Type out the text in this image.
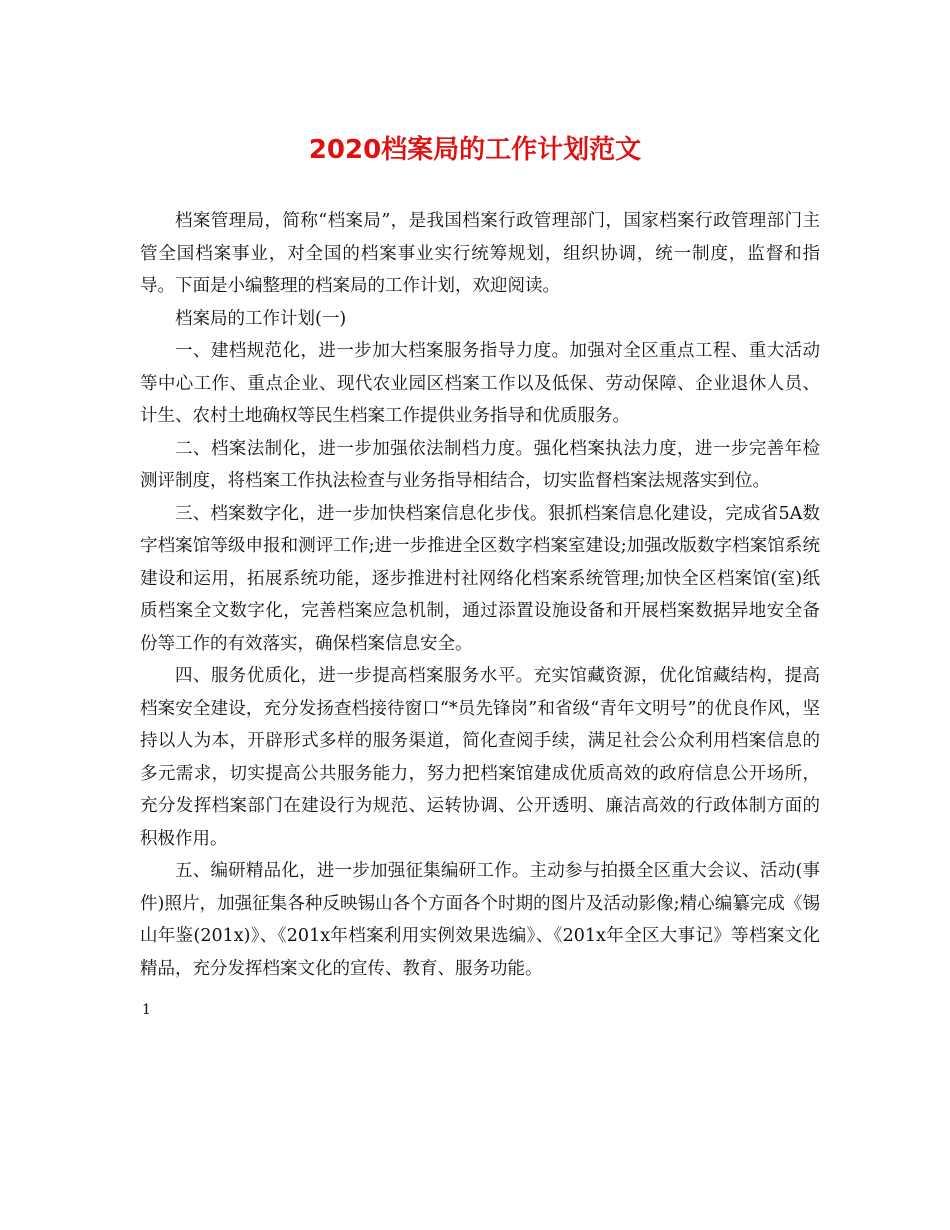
2020档案局的工作计划范文

档案管理局，简称“档案局”，是我国档案行政管理部门，国家档案行政管理部门主管全国档案事业，对全国的档案事业实行统筹规划，组织协调，统一制度，监督和指导。下面是小编整理的档案局的工作计划，欢迎阅读。

档案局的工作计划(一)

一、建档规范化，进一步加大档案服务指导力度。加强对全区重点工程、重大活动等中心工作、重点企业、现代农业园区档案工作以及低保、劳动保障、企业退休人员、计生、农村土地确权等民生档案工作提供业务指导和优质服务。

二、档案法制化，进一步加强依法制档力度。强化档案执法力度，进一步完善年检测评制度，将档案工作执法检查与业务指导相结合，切实监督档案法规落实到位。

三、档案数字化，进一步加快档案信息化步伐。狠抓档案信息化建设，完成省5A数字档案馆等级申报和测评工作;进一步推进全区数字档案室建设;加强改版数字档案馆系统建设和运用，拓展系统功能，逐步推进村社网络化档案系统管理;加快全区档案馆(室)纸质档案全文数字化，完善档案应急机制，通过添置设施设备和开展档案数据异地安全备份等工作的有效落实，确保档案信息安全。

四、服务优质化，进一步提高档案服务水平。充实馆藏资源，优化馆藏结构，提高档案安全建设，充分发扬查档接待窗口“*员先锋岗”和省级“青年文明号”的优良作风，坚持以人为本，开辟形式多样的服务渠道，简化查阅手续，满足社会公众利用档案信息的多元需求，切实提高公共服务能力，努力把档案馆建成优质高效的政府信息公开场所，充分发挥档案部门在建设行为规范、运转协调、公开透明、廉洁高效的行政体制方面的积极作用。

五、编研精品化，进一步加强征集编研工作。主动参与拍摄全区重大会议、活动(事件)照片，加强征集各种反映锡山各个方面各个时期的图片及活动影像;精心编纂完成《锡山年鉴(201x)》、《201x年档案利用实例效果选编》、《201x年全区大事记》等档案文化精品，充分发挥档案文化的宣传、教育、服务功能。

1
